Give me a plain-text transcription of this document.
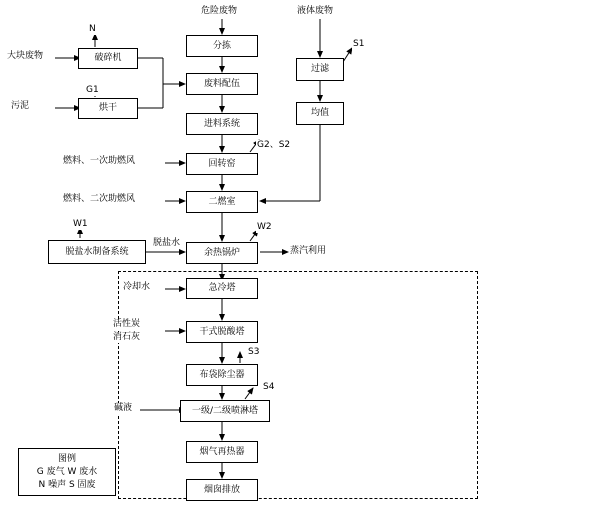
危险废物	液体废物
S1
N
大块废物
G1
污泥
G2、S2
燃料、一次助燃风
燃料、二次助燃风
W1	W2
脱盐水
蒸汽利用
冷却水
活性炭
消石灰
S3
S4
碱液
分拣
废料配伍
进料系统
回转窑
二燃室
余热锅炉
急冷塔
干式脱酸塔
布袋除尘器
一级/二级喷淋塔
烟气再热器
烟囱排放
破碎机
烘干
脱盐水制备系统
过滤
均值
图例
G 废气 W 废水
N 噪声 S 固废
